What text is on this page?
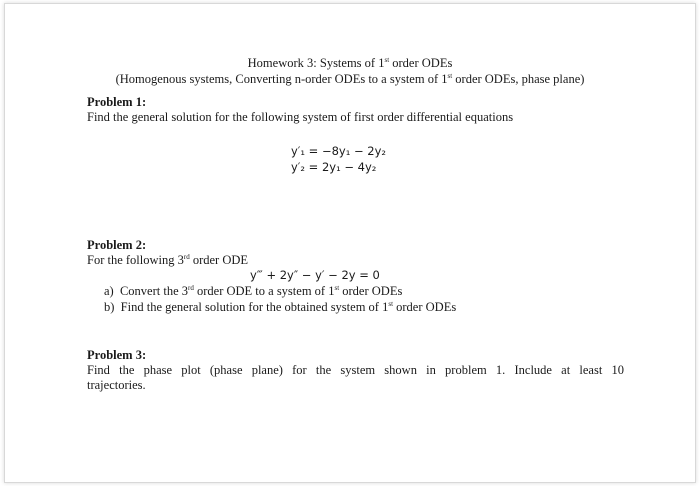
Homework 3: Systems of 1st order ODEs
(Homogenous systems, Converting n-order ODEs to a system of 1st order ODEs, phase plane)
Problem 1:
Find the general solution for the following system of first order differential equations
y′₁ = −8y₁ − 2y₂
y′₂ = 2y₁ − 4y₂
Problem 2:
For the following 3rd order ODE
y‴ + 2y″ − y′ − 2y = 0
a) Convert the 3rd order ODE to a system of 1st order ODEs
b) Find the general solution for the obtained system of 1st order ODEs
Problem 3:
Find the phase plot (phase plane) for the system shown in problem 1. Include at least 10
trajectories.
